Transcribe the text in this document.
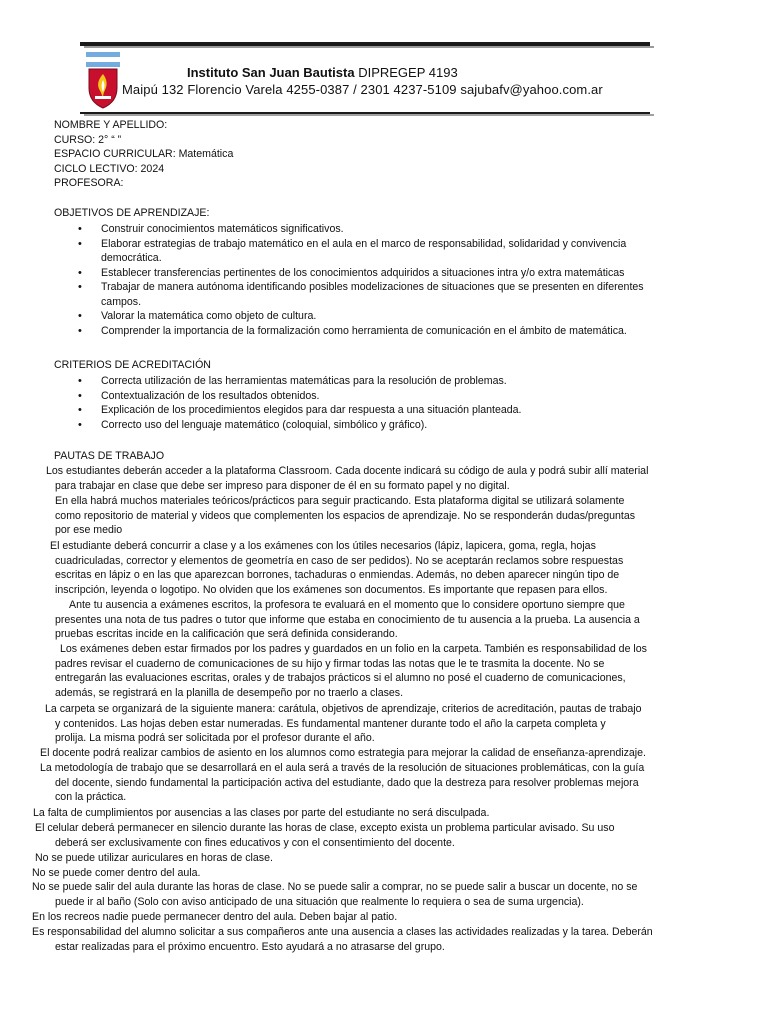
Instituto San Juan Bautista DIPREGEP 4193
Maipú 132 Florencio Varela 4255-0387 / 2301 4237-5109 sajubafv@yahoo.com.ar
NOMBRE Y APELLIDO:
CURSO: 2° “ ”
ESPACIO CURRICULAR: Matemática
CICLO LECTIVO: 2024
PROFESORA:
OBJETIVOS DE APRENDIZAJE:
• Construir conocimientos matemáticos significativos.
• Elaborar estrategias de trabajo matemático en el aula en el marco de responsabilidad, solidaridad y convivencia
democrática.
• Establecer transferencias pertinentes de los conocimientos adquiridos a situaciones intra y/o extra matemáticas
• Trabajar de manera autónoma identificando posibles modelizaciones de situaciones que se presenten en diferentes
campos.
• Valorar la matemática como objeto de cultura.
• Comprender la importancia de la formalización como herramienta de comunicación en el ámbito de matemática.
CRITERIOS DE ACREDITACIÓN
• Correcta utilización de las herramientas matemáticas para la resolución de problemas.
• Contextualización de los resultados obtenidos.
• Explicación de los procedimientos elegidos para dar respuesta a una situación planteada.
• Correcto uso del lenguaje matemático (coloquial, simbólico y gráfico).
PAUTAS DE TRABAJO
Los estudiantes deberán acceder a la plataforma Classroom. Cada docente indicará su código de aula y podrá subir allí material
para trabajar en clase que debe ser impreso para disponer de él en su formato papel y no digital.
En ella habrá muchos materiales teóricos/prácticos para seguir practicando. Esta plataforma digital se utilizará solamente
como repositorio de material y videos que complementen los espacios de aprendizaje. No se responderán dudas/preguntas
por ese medio
El estudiante deberá concurrir a clase y a los exámenes con los útiles necesarios (lápiz, lapicera, goma, regla, hojas
cuadriculadas, corrector y elementos de geometría en caso de ser pedidos). No se aceptarán reclamos sobre respuestas
escritas en lápiz o en las que aparezcan borrones, tachaduras o enmiendas. Además, no deben aparecer ningún tipo de
inscripción, leyenda o logotipo. No olviden que los exámenes son documentos. Es importante que repasen para ellos.
Ante tu ausencia a exámenes escritos, la profesora te evaluará en el momento que lo considere oportuno siempre que
presentes una nota de tus padres o tutor que informe que estaba en conocimiento de tu ausencia a la prueba. La ausencia a
pruebas escritas incide en la calificación que será definida considerando.
Los exámenes deben estar firmados por los padres y guardados en un folio en la carpeta. También es responsabilidad de los
padres revisar el cuaderno de comunicaciones de su hijo y firmar todas las notas que le te trasmita la docente. No se
entregarán las evaluaciones escritas, orales y de trabajos prácticos si el alumno no posé el cuaderno de comunicaciones,
además, se registrará en la planilla de desempeño por no traerlo a clases.
La carpeta se organizará de la siguiente manera: carátula, objetivos de aprendizaje, criterios de acreditación, pautas de trabajo
y contenidos. Las hojas deben estar numeradas. Es fundamental mantener durante todo el año la carpeta completa y
prolija. La misma podrá ser solicitada por el profesor durante el año.
El docente podrá realizar cambios de asiento en los alumnos como estrategia para mejorar la calidad de enseñanza-aprendizaje.
La metodología de trabajo que se desarrollará en el aula será a través de la resolución de situaciones problemáticas, con la guía
del docente, siendo fundamental la participación activa del estudiante, dado que la destreza para resolver problemas mejora
con la práctica.
La falta de cumplimientos por ausencias a las clases por parte del estudiante no será disculpada.
El celular deberá permanecer en silencio durante las horas de clase, excepto exista un problema particular avisado. Su uso
deberá ser exclusivamente con fines educativos y con el consentimiento del docente.
No se puede utilizar auriculares en horas de clase.
No se puede comer dentro del aula.
No se puede salir del aula durante las horas de clase. No se puede salir a comprar, no se puede salir a buscar un docente, no se
puede ir al baño (Solo con aviso anticipado de una situación que realmente lo requiera o sea de suma urgencia).
En los recreos nadie puede permanecer dentro del aula. Deben bajar al patio.
Es responsabilidad del alumno solicitar a sus compañeros ante una ausencia a clases las actividades realizadas y la tarea. Deberán
estar realizadas para el próximo encuentro. Esto ayudará a no atrasarse del grupo.
